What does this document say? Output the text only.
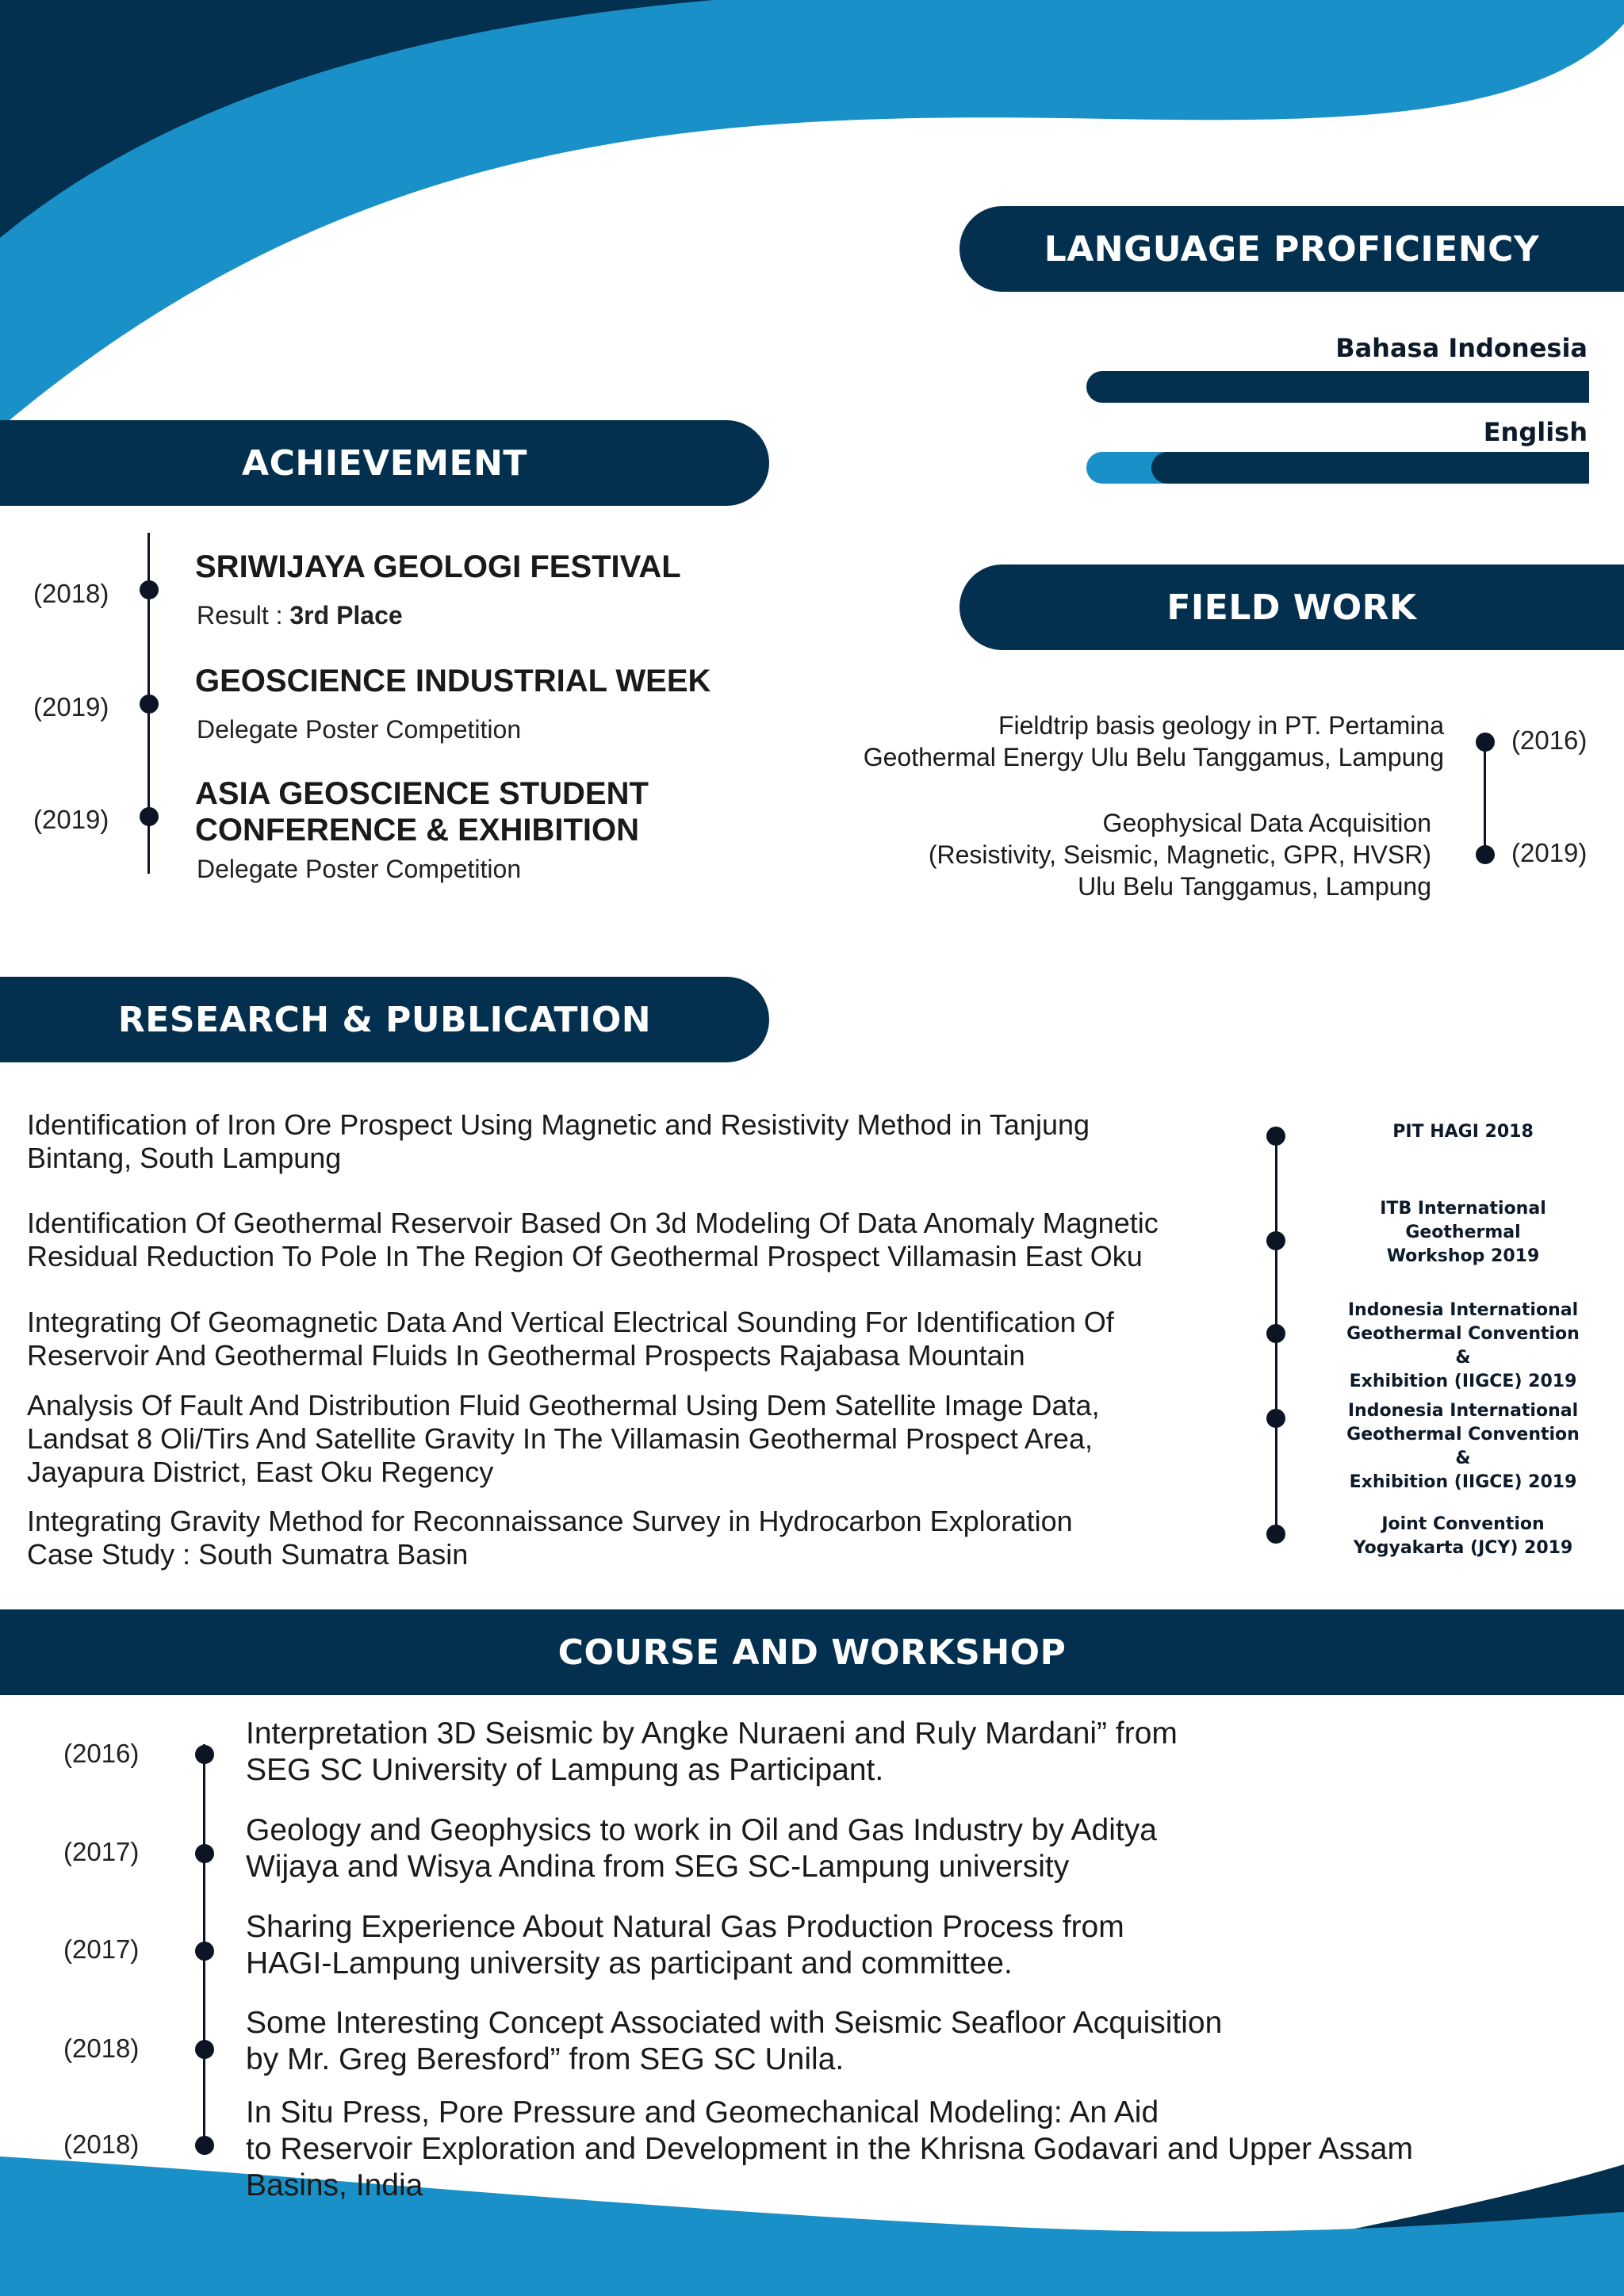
LANGUAGE PROFICIENCY
Bahasa Indonesia
English
ACHIEVEMENT
(2018)
SRIWIJAYA GEOLOGI FESTIVAL
Result : 3rd Place
(2019)
GEOSCIENCE INDUSTRIAL WEEK
Delegate Poster Competition
(2019)
ASIA GEOSCIENCE STUDENT
CONFERENCE & EXHIBITION
Delegate Poster Competition
FIELD WORK
Fieldtrip basis geology in PT. Pertamina
Geothermal Energy Ulu Belu Tanggamus, Lampung
(2016)
Geophysical Data Acquisition
(Resistivity, Seismic, Magnetic, GPR, HVSR)
Ulu Belu Tanggamus, Lampung
(2019)
RESEARCH & PUBLICATION
Identification of Iron Ore Prospect Using Magnetic and Resistivity Method in Tanjung
Bintang, South Lampung
PIT HAGI 2018
Identification Of Geothermal Reservoir Based On 3d Modeling Of Data Anomaly Magnetic
Residual Reduction To Pole In The Region Of Geothermal Prospect Villamasin East Oku
ITB International
Geothermal
Workshop 2019
Integrating Of Geomagnetic Data And Vertical Electrical Sounding For Identification Of
Reservoir And Geothermal Fluids In Geothermal Prospects Rajabasa Mountain
Indonesia International
Geothermal Convention &
Exhibition (IIGCE) 2019
Analysis Of Fault And Distribution Fluid Geothermal Using Dem Satellite Image Data,
Landsat 8 Oli/Tirs And Satellite Gravity In The Villamasin Geothermal Prospect Area,
Jayapura District, East Oku Regency
Indonesia International
Geothermal Convention &
Exhibition (IIGCE) 2019
Integrating Gravity Method for Reconnaissance Survey in Hydrocarbon Exploration
Case Study : South Sumatra Basin
Joint Convention
Yogyakarta (JCY) 2019
COURSE AND WORKSHOP
(2016)
Interpretation 3D Seismic by Angke Nuraeni and Ruly Mardani” from
SEG SC University of Lampung as Participant.
(2017)
Geology and Geophysics to work in Oil and Gas Industry by Aditya
Wijaya and Wisya Andina from SEG SC-Lampung university
(2017)
Sharing Experience About Natural Gas Production Process from
HAGI-Lampung university as participant and committee.
(2018)
Some Interesting Concept Associated with Seismic Seafloor Acquisition
by Mr. Greg Beresford” from SEG SC Unila.
(2018)
In Situ Press, Pore Pressure and Geomechanical Modeling: An Aid
to Reservoir Exploration and Development in the Khrisna Godavari and Upper Assam
Basins, India
